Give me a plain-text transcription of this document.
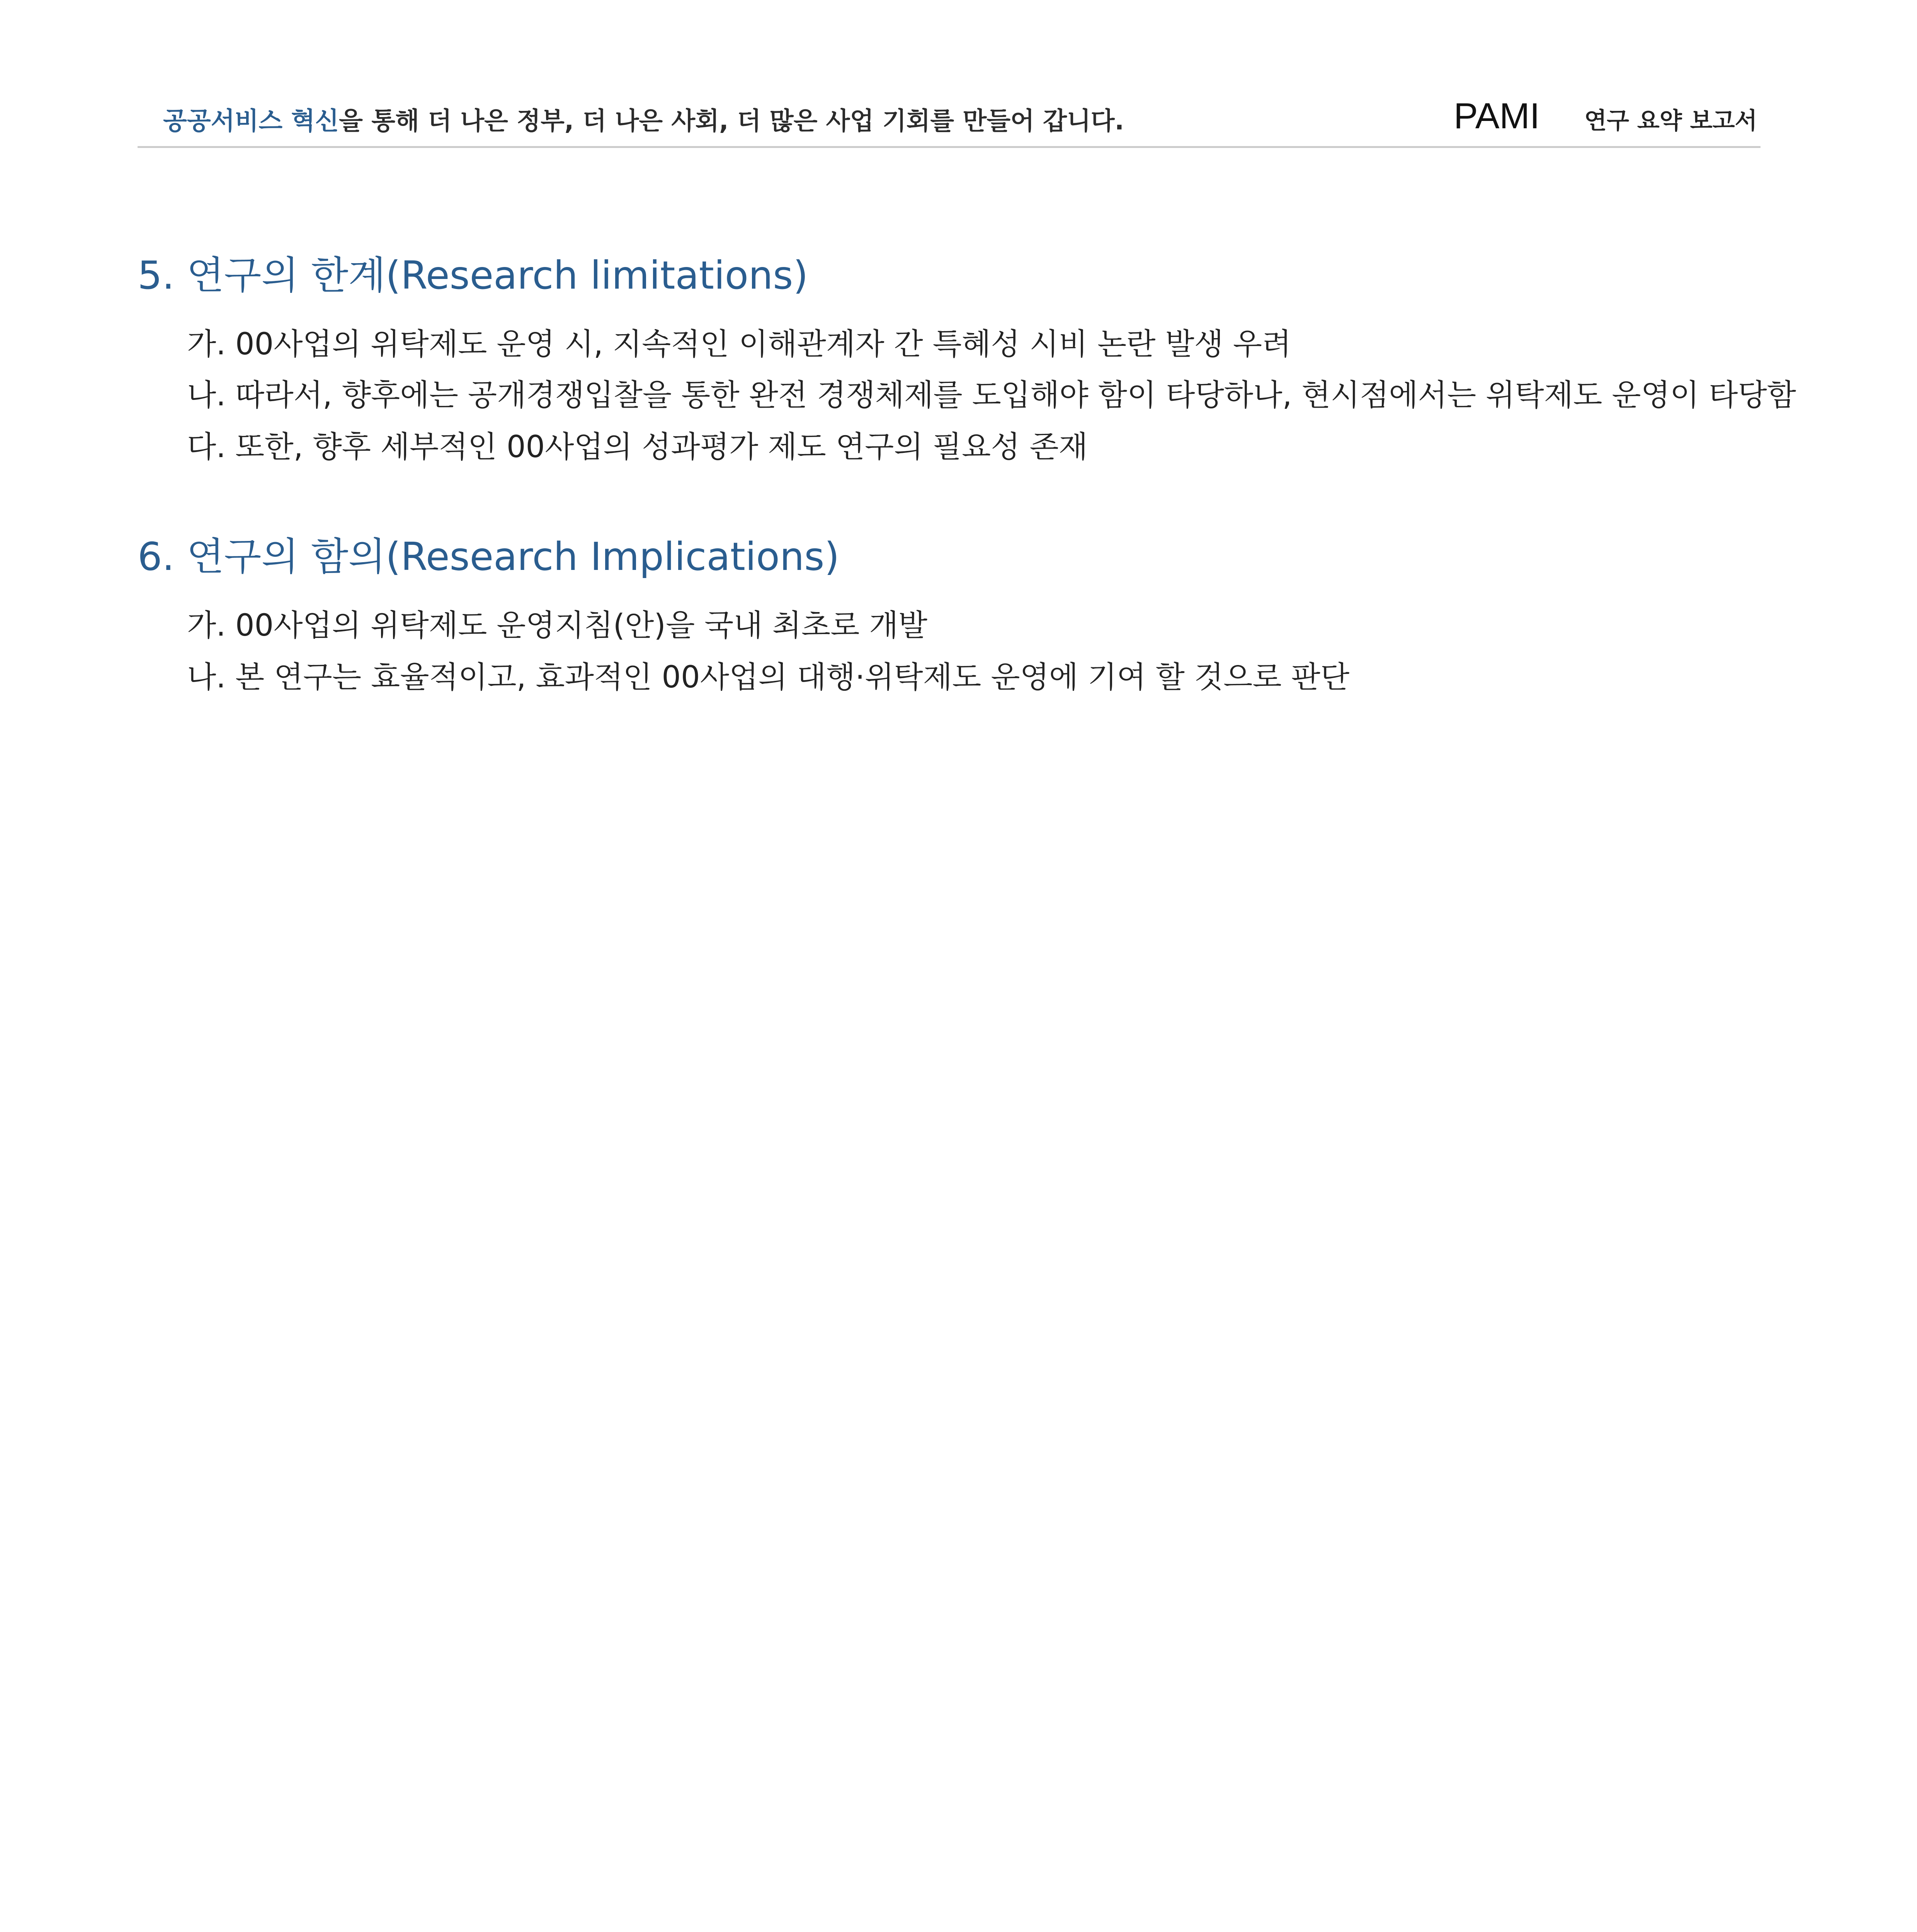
공공서비스 혁신을 통해 더 나은 정부, 더 나은 사회, 더 많은 사업 기회를 만들어 갑니다.	PAMI 연구 요약 보고서
5. 연구의 한계(Research limitations)
가. 00사업의 위탁제도 운영 시, 지속적인 이해관계자 간 특혜성 시비 논란 발생 우려
나. 따라서, 향후에는 공개경쟁입찰을 통한 완전 경쟁체제를 도입해야 함이 타당하나, 현시점에서는 위탁제도 운영이 타당함
다. 또한, 향후 세부적인 00사업의 성과평가 제도 연구의 필요성 존재
6. 연구의 함의(Research Implications)
가. 00사업의 위탁제도 운영지침(안)을 국내 최초로 개발
나. 본 연구는 효율적이고, 효과적인 00사업의 대행·위탁제도 운영에 기여 할 것으로 판단
